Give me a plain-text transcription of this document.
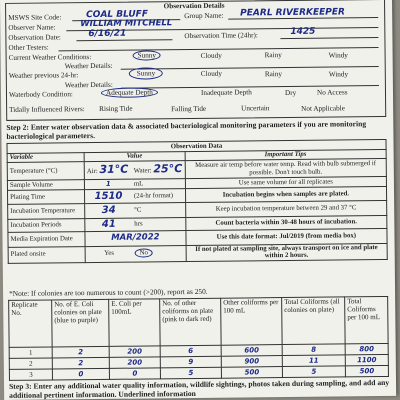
Observation Details
MSWS Site Code:	COAL BLUFF	Group Name: PEARL RIVERKEEPER
Observer Name:	WILLIAM MITCHELL
Observation Date:	6/16/21	Observation Time (24hr):	1425
Other Testers:
Current Weather Conditions:	Sunny	Cloudy	Rainy	Windy
Weather Details:
Weather previous 24-hr:	Sunny	Cloudy	Rainy	Windy
Weather Details:
Waterbody Condition:	Adequate Depth	Inadequate Depth	Dry	No Access
Tidally Influenced Rivers: Rising Tide	Falling Tide	Uncertain	Not Applicable
Step 2: Enter water observation data & associated bacteriological monitoring parameters if you are monitoring bacteriological parameters.
Observation Data			
Variable	Value		Important Tips
Temperature (°C)	Air: 31°C	Water: 25°C	Measure air temp before water temp. Read with bulb submerged if possible. Don't touch bulb.
Sample Volume	1	mL	Use same volume for all replicates
Plating Time	1510	(24-hr format)	Incubation begins when samples are plated.
Incubation Temperature	34	°C	Keep incubation temperature between 29 and 37 °C
Incubation Periods	41	hrs	Count bacteria within 30-48 hours of incubation.
Media Expiration Date	MAR/2022		Use this date format: Jul/2019 (from media box)
Plated onsite	Yes	No	If not plated at sampling site, always transport on ice and plate within 2 hours.
*Note: If colonies are too numerous to count (>200), report as 250.
Replicate No.	No. of E. Coli colonies on plate (blue to purple)	E. Coli per 100mL	No. of other coliforms on plate (pink to dark red)	Other coliforms per 100 mL	Total Coliforms (all colonies on plate)	Total Coliforms per 100 mL
1	2	200	6	600	8	800
2	2	200	9	900	11	1100
3	0	0	5	500	5	500
Step 3: Enter any additional water quality information, wildlife sightings, photos taken during sampling, and add any additional pertinent information. Underlined information
